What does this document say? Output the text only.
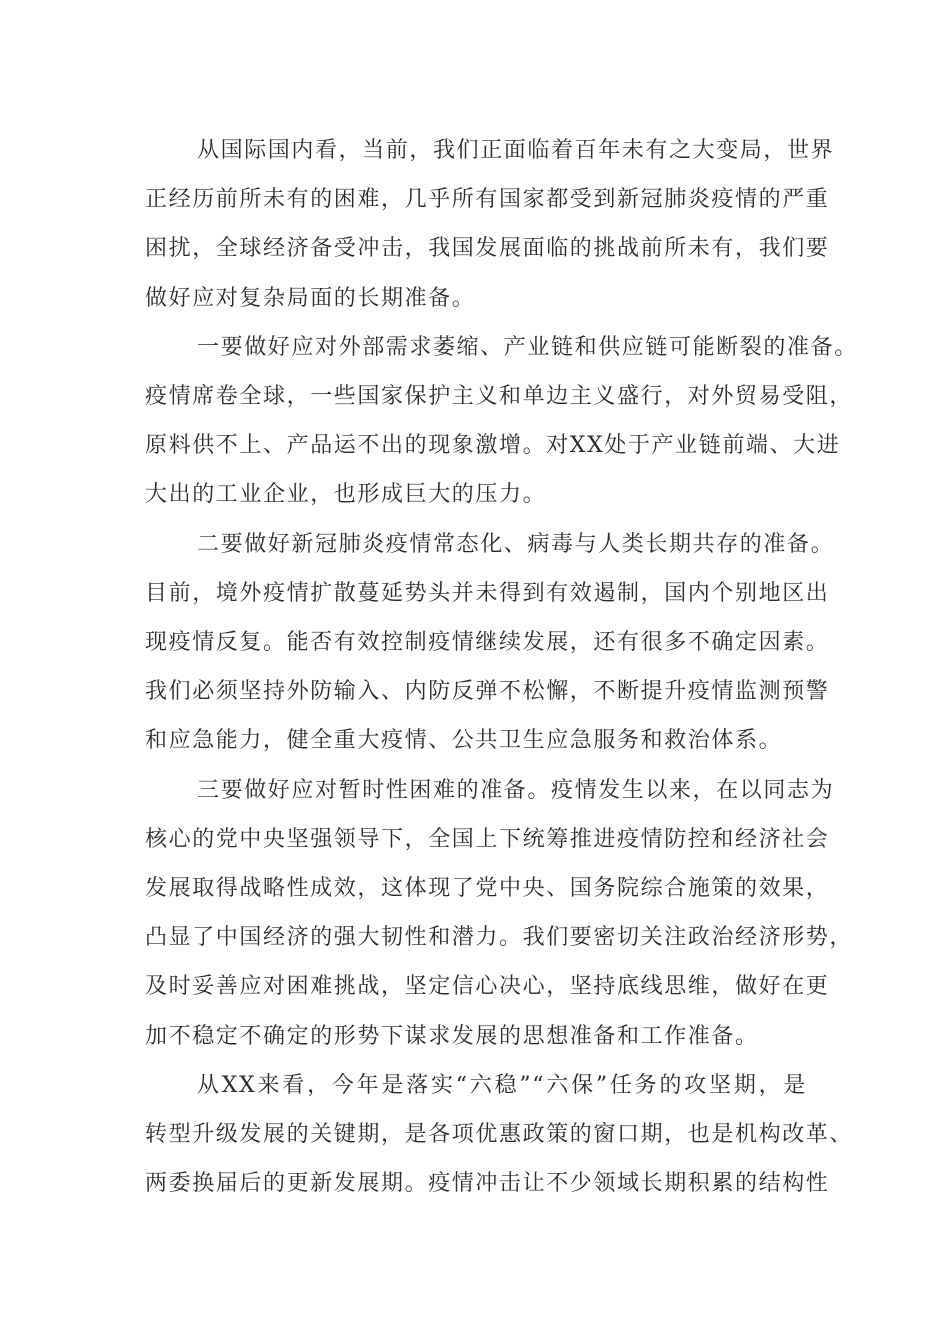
从国际国内看，当前，我们正面临着百年未有之大变局，世界
正经历前所未有的困难，几乎所有国家都受到新冠肺炎疫情的严重
困扰，全球经济备受冲击，我国发展面临的挑战前所未有，我们要
做好应对复杂局面的长期准备。
一要做好应对外部需求萎缩、产业链和供应链可能断裂的准备。
疫情席卷全球，一些国家保护主义和单边主义盛行，对外贸易受阻，
原料供不上、产品运不出的现象激增。对XX处于产业链前端、大进
大出的工业企业，也形成巨大的压力。
二要做好新冠肺炎疫情常态化、病毒与人类长期共存的准备。
目前，境外疫情扩散蔓延势头并未得到有效遏制，国内个别地区出
现疫情反复。能否有效控制疫情继续发展，还有很多不确定因素。
我们必须坚持外防输入、内防反弹不松懈，不断提升疫情监测预警
和应急能力，健全重大疫情、公共卫生应急服务和救治体系。
三要做好应对暂时性困难的准备。疫情发生以来，在以同志为
核心的党中央坚强领导下，全国上下统筹推进疫情防控和经济社会
发展取得战略性成效，这体现了党中央、国务院综合施策的效果，
凸显了中国经济的强大韧性和潜力。我们要密切关注政治经济形势，
及时妥善应对困难挑战，坚定信心决心，坚持底线思维，做好在更
加不稳定不确定的形势下谋求发展的思想准备和工作准备。
从XX来看，今年是落实“六稳”“六保”任务的攻坚期，是
转型升级发展的关键期，是各项优惠政策的窗口期，也是机构改革、
两委换届后的更新发展期。疫情冲击让不少领域长期积累的结构性
